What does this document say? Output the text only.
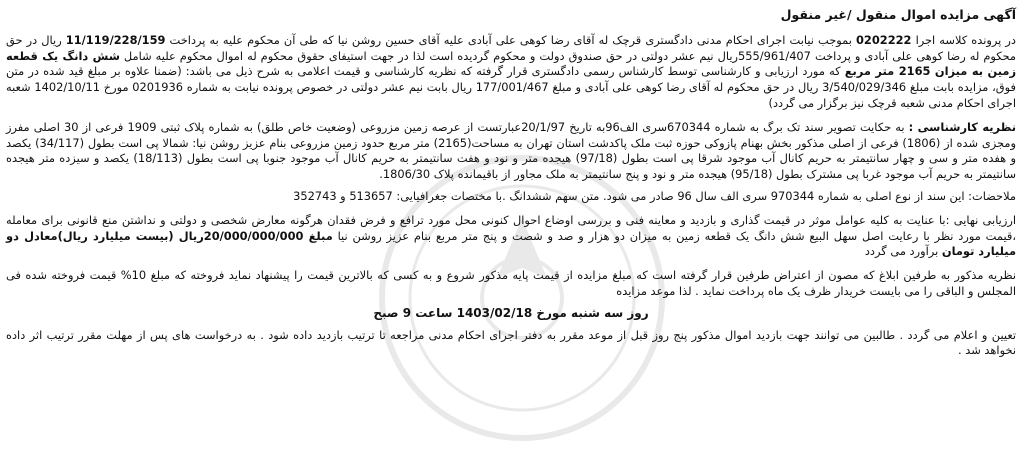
آگهی مزایده اموال منقول /غیر منقول

در پرونده کلاسه اجرا 0202222 بموجب نیابت اجرای احکام مدنی دادگستری قرچک له آقای رضا کوهی علی آبادی علیه آقای حسین روشن نیا که طی آن محکوم علیه به پرداخت 11/119/228/159 ریال در حق محکوم له رضا کوهی علی آبادی و پرداخت 555/961/407ریال نیم عشر دولتی در حق صندوق دولت و محکوم گردیده است لذا در جهت استیفای حقوق محکوم له اموال محکوم علیه شامل شش دانگ یک قطعه زمین به میزان 2165 متر مربع که مورد ارزیابی و کارشناسی توسط کارشناس رسمی دادگستری قرار گرفته که نظریه کارشناسی و قیمت اعلامی به شرح ذیل می باشد: (ضمنا علاوه بر مبلغ قید شده در متن فوق، مزایده بابت مبلغ 3/540/029/346 ریال در حق محکوم له آقای رضا کوهی علی آبادی و مبلغ 177/001/467 ریال بابت نیم عشر دولتی در خصوص پرونده نیابت به شماره 0201936 مورخ 1402/10/11 شعبه اجرای احکام مدنی شعبه قرچک نیز برگزار می گردد)

نظریه کارشناسی : به حکایت تصویر سند تک برگ به شماره 670344سری الف96به تاریخ 20/1/97عبارتست از عرصه زمین مزروعی (وضعیت خاص طلق) به شماره پلاک ثبتی 1909 فرعی از 30 اصلی مفرز ومجزی شده از (1806) فرعی از اصلی مذکور بخش بهنام پازوکی حوزه ثبت ملک پاکدشت استان تهران به مساحت(2165) متر مربع حدود زمین مزروعی بنام عزیز روشن نیا: شمالا پی است بطول (34/117) یکصد و هفده متر و سی و چهار سانتیمتر به حریم کانال آب موجود شرقا پی است بطول (97/18) هیجده متر و نود و هفت سانتیمتر به حریم کانال آب موجود جنوبا پی است بطول (18/113) یکصد و سیزده متر هیجده سانتیمتر به حریم آب موجود غربا پی مشترک بطول (95/18) هیجده متر و نود و پنج سانتیمتر به ملک مجاور از باقیمانده پلاک 1806/30.

ملاحضات: این سند از نوع اصلی به شماره 970344 سری الف سال 96 صادر می شود. متن سهم ششدانگ .با مختصات جغرافیایی: 513657 و 352743

ارزیابی نهایی :با عنایت به کلیه عوامل موثر در قیمت گذاری و بازدید و معاینه فنی و بررسی اوضاع احوال کنونی محل مورد ترافع و فرض فقدان هرگونه معارض شخصی و دولتی و نداشتن منع قانونی برای معامله ،قیمت مورد نظر با رعایت اصل سهل البیع شش دانگ یک قطعه زمین به میزان دو هزار و صد و شصت و پنج متر مربع بنام عزیز روشن نیا مبلغ 20/000/000/000ریال (بیست میلیارد ریال)معادل دو میلیارد تومان برآورد می گردد

نظریه مذکور به طرفین ابلاغ که مصون از اعتراض طرفین قرار گرفته است که مبلغ مزایده از قیمت پایه مذکور شروع و به کسی که بالاترین قیمت را پیشنهاد نماید فروخته که مبلغ 10% قیمت فروخته شده فی المجلس و الباقی را می بایست خریدار ظرف یک ماه پرداخت نماید . لذا موعد مزایده

روز سه شنبه مورخ 1403/02/18 ساعت 9 صبح

تعیین و اعلام می گردد . طالبین می توانند جهت بازدید اموال مذکور پنج روز قبل از موعد مقرر به دفتر اجرای احکام مدنی مراجعه تا ترتیب بازدید داده شود . به درخواست های پس از مهلت مقرر ترتیب اثر داده نخواهد شد .
